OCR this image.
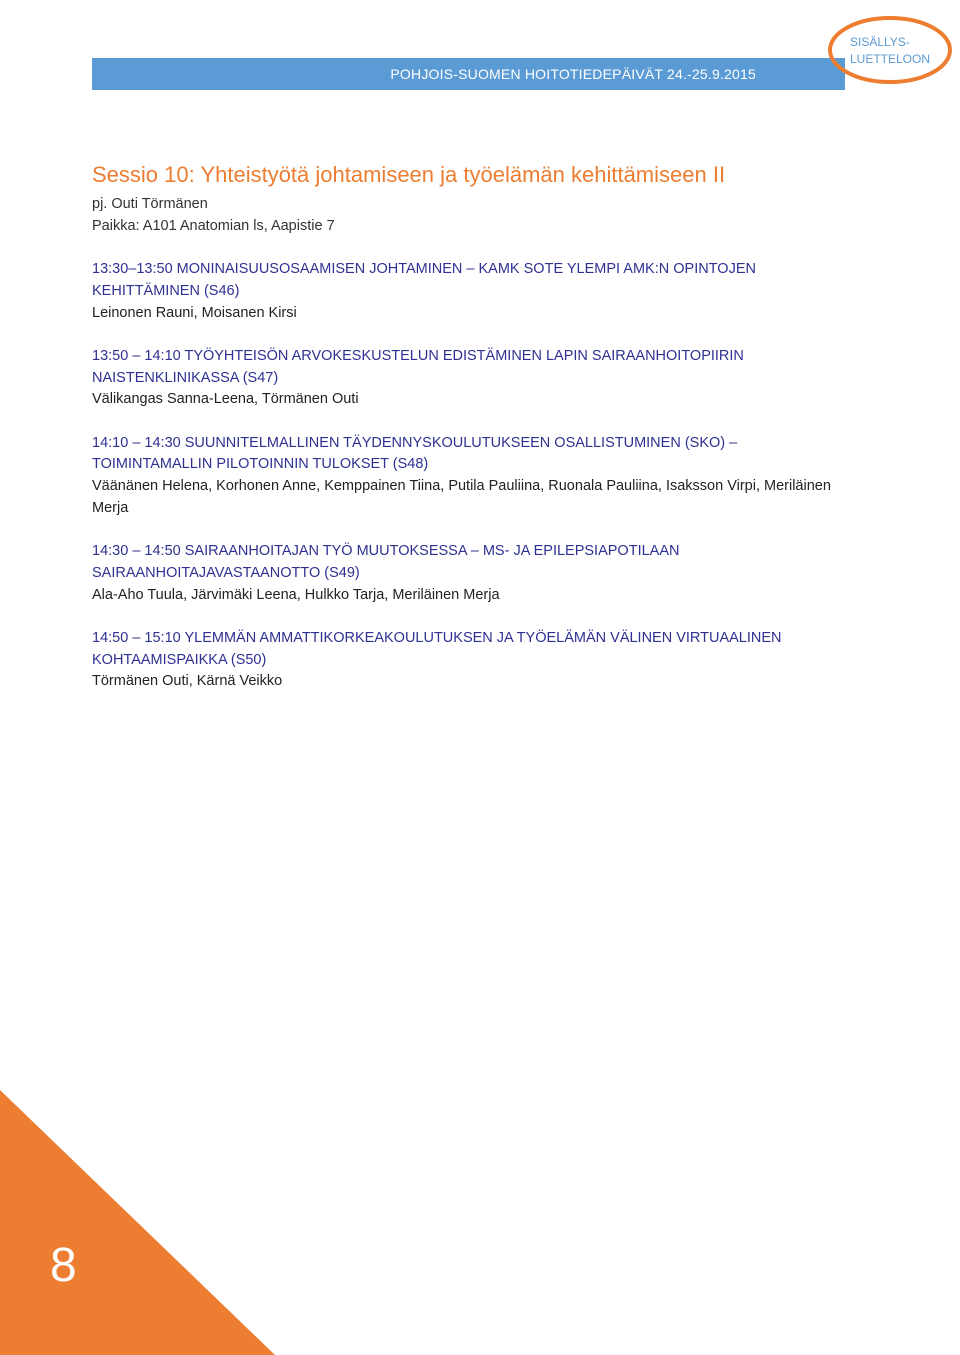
POHJOIS-SUOMEN HOITOTIEDEPÄIVÄT 24.-25.9.2015
SISÄLLYS-
LUETTELOON
Sessio 10: Yhteistyötä johtamiseen ja työelämän kehittämiseen II
pj. Outi Törmänen
Paikka: A101 Anatomian ls, Aapistie 7
13:30–13:50 MONINAISUUSOSAAMISEN JOHTAMINEN – KAMK SOTE YLEMPI AMK:N OPINTOJEN KEHITTÄMINEN (S46)
Leinonen Rauni, Moisanen Kirsi
13:50 – 14:10 TYÖYHTEISÖN ARVOKESKUSTELUN EDISTÄMINEN LAPIN SAIRAANHOITOPIIRIN NAISTENKLINIKASSA (S47)
Välikangas Sanna-Leena, Törmänen Outi
14:10 – 14:30 SUUNNITELMALLINEN TÄYDENNYSKOULUTUKSEEN OSALLISTUMINEN (SKO) – TOIMINTAMALLIN PILOTOINNIN TULOKSET (S48)
Väänänen Helena, Korhonen Anne, Kemppainen Tiina, Putila Pauliina, Ruonala Pauliina, Isaksson Virpi, Meriläinen Merja
14:30 – 14:50 SAIRAANHOITAJAN TYÖ MUUTOKSESSA – MS- JA EPILEPSIAPOTILAAN SAIRAANHOITAJAVASTAANOTTO (S49)
Ala-Aho Tuula, Järvimäki Leena, Hulkko Tarja, Meriläinen Merja
14:50 – 15:10 YLEMMÄN AMMATTIKORKEAKOULUTUKSEN JA TYÖELÄMÄN VÄLINEN VIRTUAALINEN KOHTAAMISPAIKKA (S50)
Törmänen Outi, Kärnä Veikko
8
